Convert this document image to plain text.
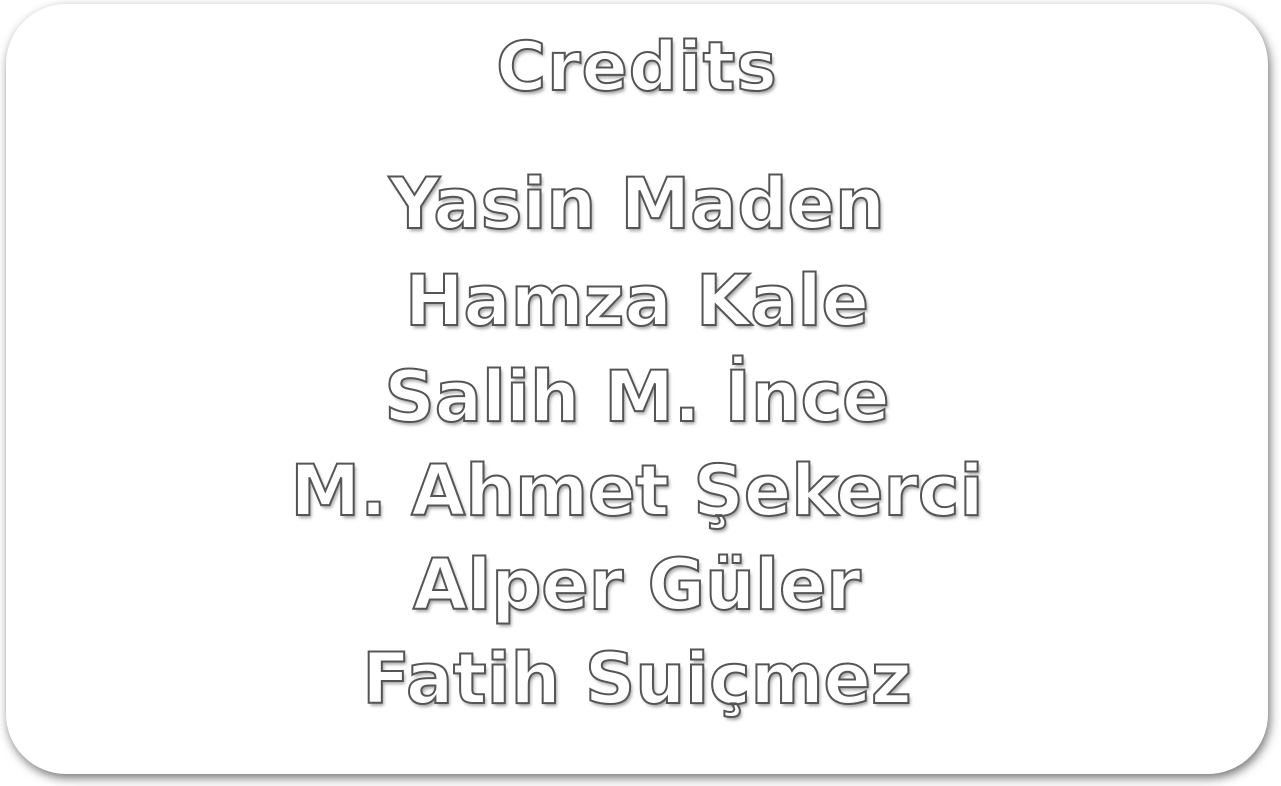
Credits
Yasin Maden
Hamza Kale
Salih M. İnce
M. Ahmet Şekerci
Alper Güler
Fatih Suiçmez
